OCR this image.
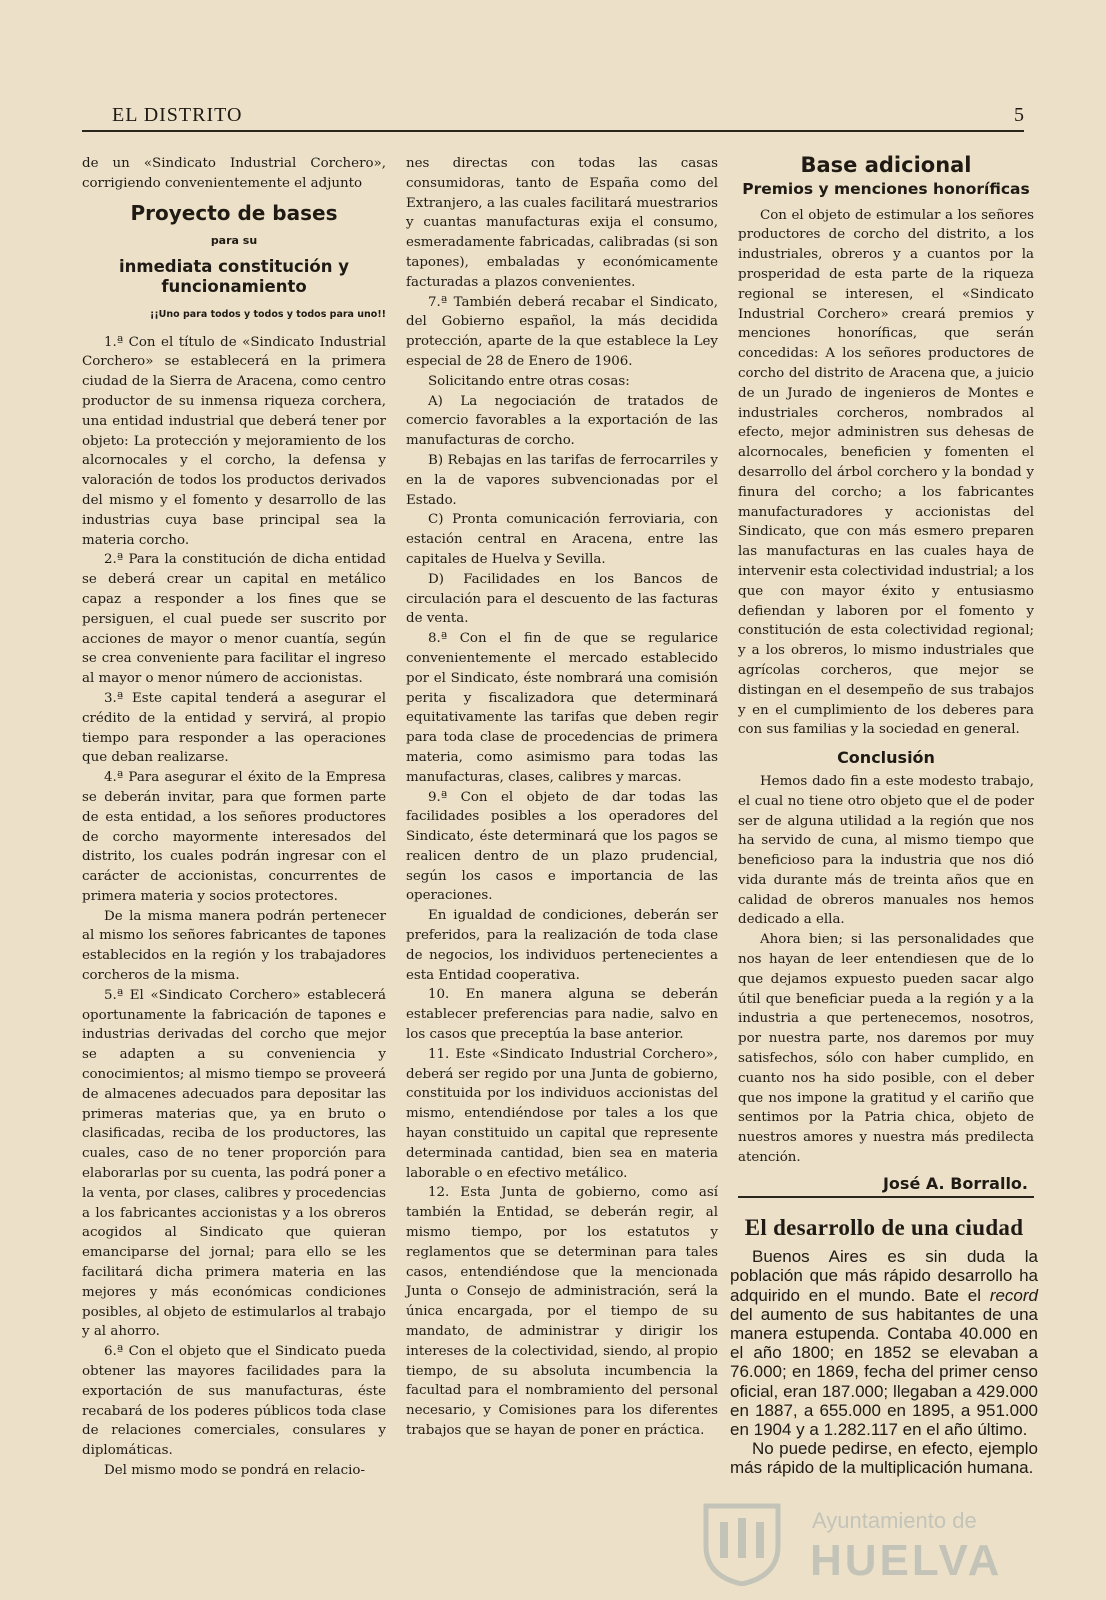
EL DISTRITO	5

de un «Sindicato Industrial Corchero», corrigiendo convenientemente el adjunto

Proyecto de bases
para su
inmediata constitución y funcionamiento
¡¡Uno para todos y todos y todos para uno!!

1.ª Con el título de «Sindicato Industrial Corchero» se establecerá en la primera ciudad de la Sierra de Aracena, como centro productor de su inmensa riqueza corchera, una entidad industrial que deberá tener por objeto: La protección y mejoramiento de los alcornocales y el corcho, la defensa y valoración de todos los productos derivados del mismo y el fomento y desarrollo de las industrias cuya base principal sea la materia corcho.

2.ª Para la constitución de dicha entidad se deberá crear un capital en metálico capaz a responder a los fines que se persiguen, el cual puede ser suscrito por acciones de mayor o menor cuantía, según se crea conveniente para facilitar el ingreso al mayor o menor número de accionistas.

3.ª Este capital tenderá a asegurar el crédito de la entidad y servirá, al propio tiempo para responder a las operaciones que deban realizarse.

4.ª Para asegurar el éxito de la Empresa se deberán invitar, para que formen parte de esta entidad, a los señores productores de corcho mayormente interesados del distrito, los cuales podrán ingresar con el carácter de accionistas, concurrentes de primera materia y socios protectores.

De la misma manera podrán pertenecer al mismo los señores fabricantes de tapones establecidos en la región y los trabajadores corcheros de la misma.

5.ª El «Sindicato Corchero» establecerá oportunamente la fabricación de tapones e industrias derivadas del corcho que mejor se adapten a su conveniencia y conocimientos; al mismo tiempo se proveerá de almacenes adecuados para depositar las primeras materias que, ya en bruto o clasificadas, reciba de los productores, las cuales, caso de no tener proporción para elaborarlas por su cuenta, las podrá poner a la venta, por clases, calibres y procedencias a los fabricantes accionistas y a los obreros acogidos al Sindicato que quieran emanciparse del jornal; para ello se les facilitará dicha primera materia en las mejores y más económicas condiciones posibles, al objeto de estimularlos al trabajo y al ahorro.

6.ª Con el objeto que el Sindicato pueda obtener las mayores facilidades para la exportación de sus manufacturas, éste recabará de los poderes públicos toda clase de relaciones comerciales, consulares y diplomáticas.

Del mismo modo se pondrá en relacio-

nes directas con todas las casas consumidoras, tanto de España como del Extranjero, a las cuales facilitará muestrarios y cuantas manufacturas exija el consumo, esmeradamente fabricadas, calibradas (si son tapones), embaladas y económicamente facturadas a plazos convenientes.

7.ª También deberá recabar el Sindicato, del Gobierno español, la más decidida protección, aparte de la que establece la Ley especial de 28 de Enero de 1906.

Solicitando entre otras cosas:

A) La negociación de tratados de comercio favorables a la exportación de las manufacturas de corcho.

B) Rebajas en las tarifas de ferrocarriles y en la de vapores subvencionadas por el Estado.

C) Pronta comunicación ferroviaria, con estación central en Aracena, entre las capitales de Huelva y Sevilla.

D) Facilidades en los Bancos de circulación para el descuento de las facturas de venta.

8.ª Con el fin de que se regularice convenientemente el mercado establecido por el Sindicato, éste nombrará una comisión perita y fiscalizadora que determinará equitativamente las tarifas que deben regir para toda clase de procedencias de primera materia, como asimismo para todas las manufacturas, clases, calibres y marcas.

9.ª Con el objeto de dar todas las facilidades posibles a los operadores del Sindicato, éste determinará que los pagos se realicen dentro de un plazo prudencial, según los casos e importancia de las operaciones.

En igualdad de condiciones, deberán ser preferidos, para la realización de toda clase de negocios, los individuos pertenecientes a esta Entidad cooperativa.

10. En manera alguna se deberán establecer preferencias para nadie, salvo en los casos que preceptúa la base anterior.

11. Este «Sindicato Industrial Corchero», deberá ser regido por una Junta de gobierno, constituida por los individuos accionistas del mismo, entendiéndose por tales a los que hayan constituido un capital que represente determinada cantidad, bien sea en materia laborable o en efectivo metálico.

12. Esta Junta de gobierno, como así también la Entidad, se deberán regir, al mismo tiempo, por los estatutos y reglamentos que se determinan para tales casos, entendiéndose que la mencionada Junta o Consejo de administración, será la única encargada, por el tiempo de su mandato, de administrar y dirigir los intereses de la colectividad, siendo, al propio tiempo, de su absoluta incumbencia la facultad para el nombramiento del personal necesario, y Comisiones para los diferentes trabajos que se hayan de poner en práctica.

Base adicional
Premios y menciones honoríficas

Con el objeto de estimular a los señores productores de corcho del distrito, a los industriales, obreros y a cuantos por la prosperidad de esta parte de la riqueza regional se interesen, el «Sindicato Industrial Corchero» creará premios y menciones honoríficas, que serán concedidas: A los señores productores de corcho del distrito de Aracena que, a juicio de un Jurado de ingenieros de Montes e industriales corcheros, nombrados al efecto, mejor administren sus dehesas de alcornocales, beneficien y fomenten el desarrollo del árbol corchero y la bondad y finura del corcho; a los fabricantes manufacturadores y accionistas del Sindicato, que con más esmero preparen las manufacturas en las cuales haya de intervenir esta colectividad industrial; a los que con mayor éxito y entusiasmo defiendan y laboren por el fomento y constitución de esta colectividad regional; y a los obreros, lo mismo industriales que agrícolas corcheros, que mejor se distingan en el desempeño de sus trabajos y en el cumplimiento de los deberes para con sus familias y la sociedad en general.

Conclusión

Hemos dado fin a este modesto trabajo, el cual no tiene otro objeto que el de poder ser de alguna utilidad a la región que nos ha servido de cuna, al mismo tiempo que beneficioso para la industria que nos dió vida durante más de treinta años que en calidad de obreros manuales nos hemos dedicado a ella.

Ahora bien; si las personalidades que nos hayan de leer entendiesen que de lo que dejamos expuesto pueden sacar algo útil que beneficiar pueda a la región y a la industria a que pertenecemos, nosotros, por nuestra parte, nos daremos por muy satisfechos, sólo con haber cumplido, en cuanto nos ha sido posible, con el deber que nos impone la gratitud y el cariño que sentimos por la Patria chica, objeto de nuestros amores y nuestra más predilecta atención.

José A. Borrallo.
El desarrollo de una ciudad

Buenos Aires es sin duda la población que más rápido desarrollo ha adquirido en el mundo. Bate el record del aumento de sus habitantes de una manera estupenda. Contaba 40.000 en el año 1800; en 1852 se elevaban a 76.000; en 1869, fecha del primer censo oficial, eran 187.000; llegaban a 429.000 en 1887, a 655.000 en 1895, a 951.000 en 1904 y a 1.282.117 en el año último.

No puede pedirse, en efecto, ejemplo más rápido de la multiplicación humana.

Ayuntamiento de
HUELVA
